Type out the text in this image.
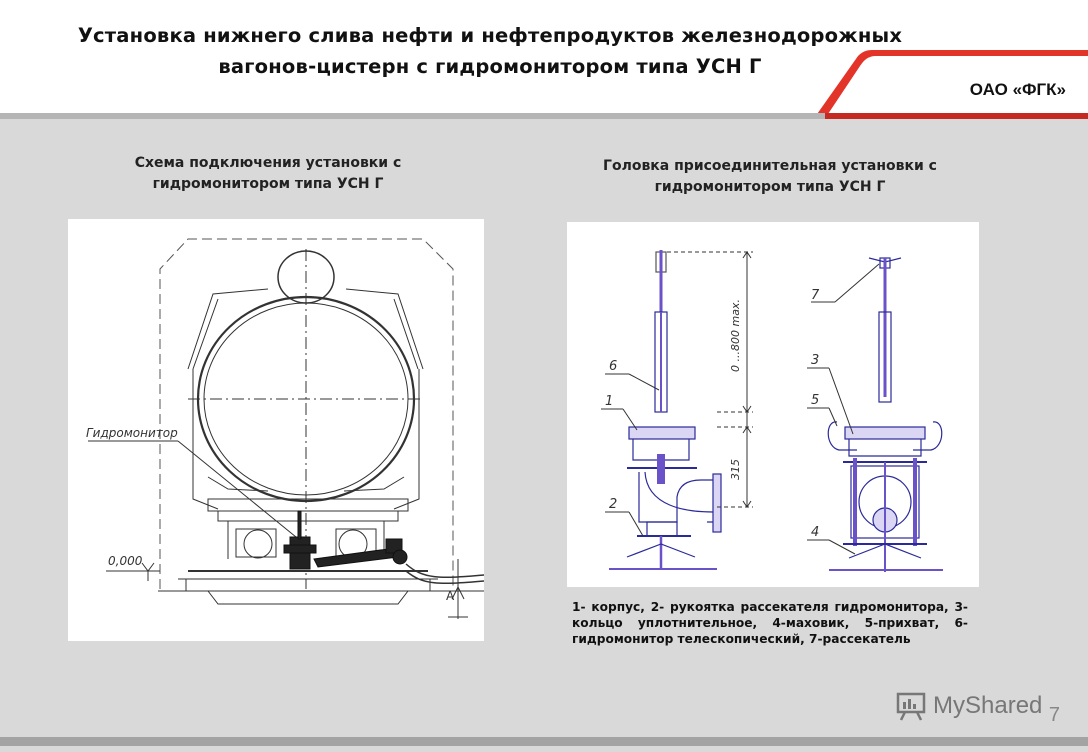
Установка нижнего слива нефти и нефтепродуктов железнодорожных
вагонов-цистерн с гидромонитором типа УСН Г
ОАО «ФГК»
Схема подключения установки с
гидромонитором типа УСН Г
Головка присоединительная установки с
гидромонитором типа УСН Г
Гидромонитор
0,000
А
0 ...800 max.
315
6
1
2
7
3
5
4
1- корпус, 2- рукоятка рассекателя гидромонитора, 3-кольцо уплотнительное, 4-маховик, 5-прихват, 6-гидромонитор телескопический, 7-рассекатель
MyShared 7
